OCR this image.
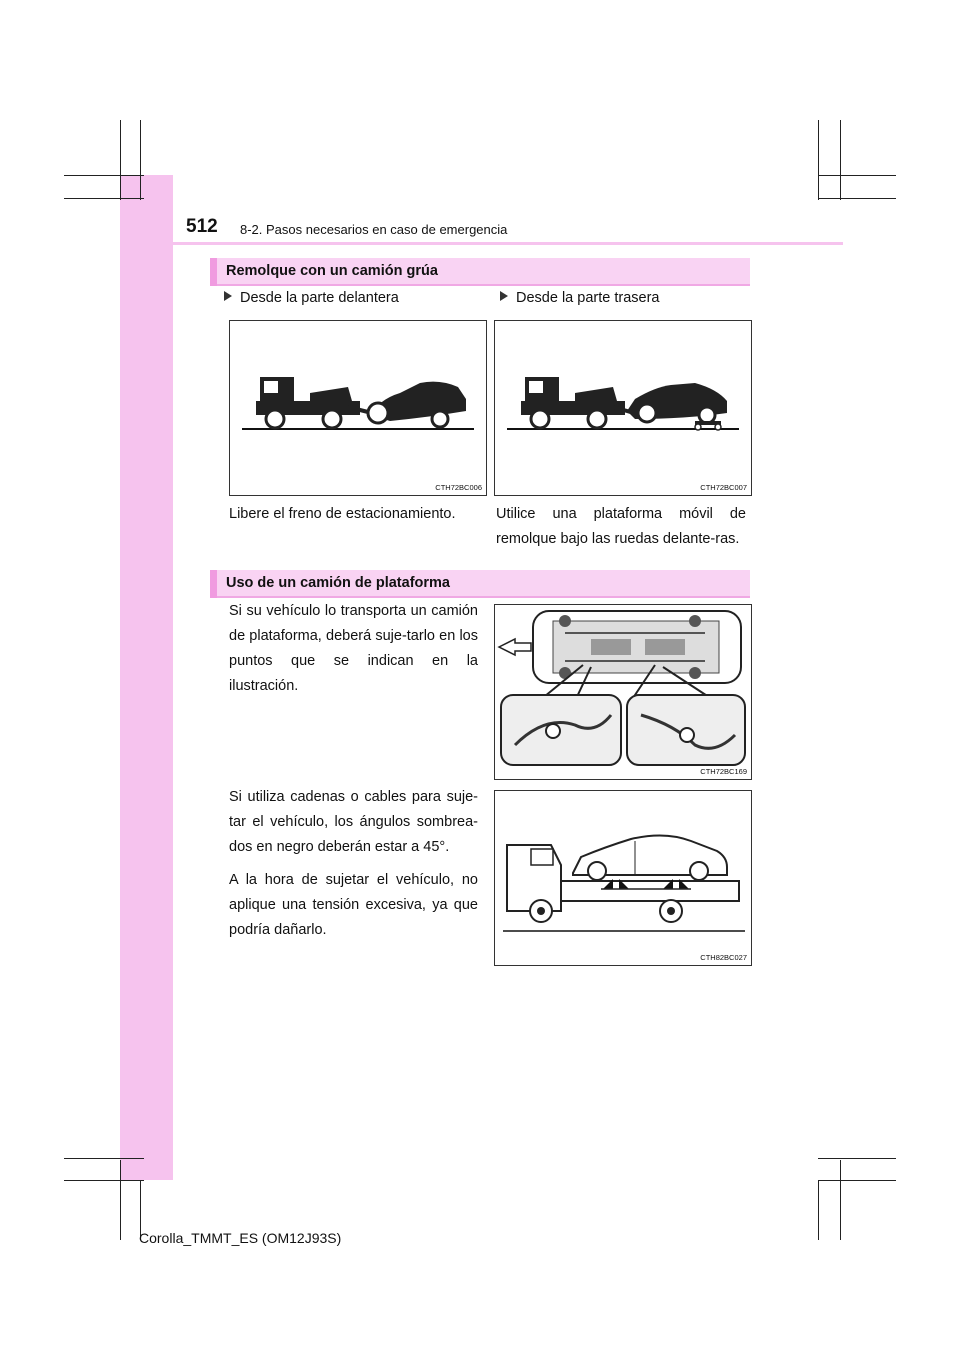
512 8-2. Pasos necesarios en caso de emergencia
Remolque con un camión grúa
Desde la parte delantera	Desde la parte trasera
CTH72BC006	CTH72BC007
Libere el freno de estacionamiento.	Utilice una plataforma móvil de remolque bajo las ruedas delante-ras.
Uso de un camión de plataforma

Si su vehículo lo transporta un camión de plataforma, deberá suje-tarlo en los puntos que se indican en la ilustración.

CTH72BC169

Si utiliza cadenas o cables para suje-tar el vehículo, los ángulos sombrea-dos en negro deberán estar a 45°.

A la hora de sujetar el vehículo, no aplique una tensión excesiva, ya que podría dañarlo.

CTH82BC027
Corolla_TMMT_ES (OM12J93S)
